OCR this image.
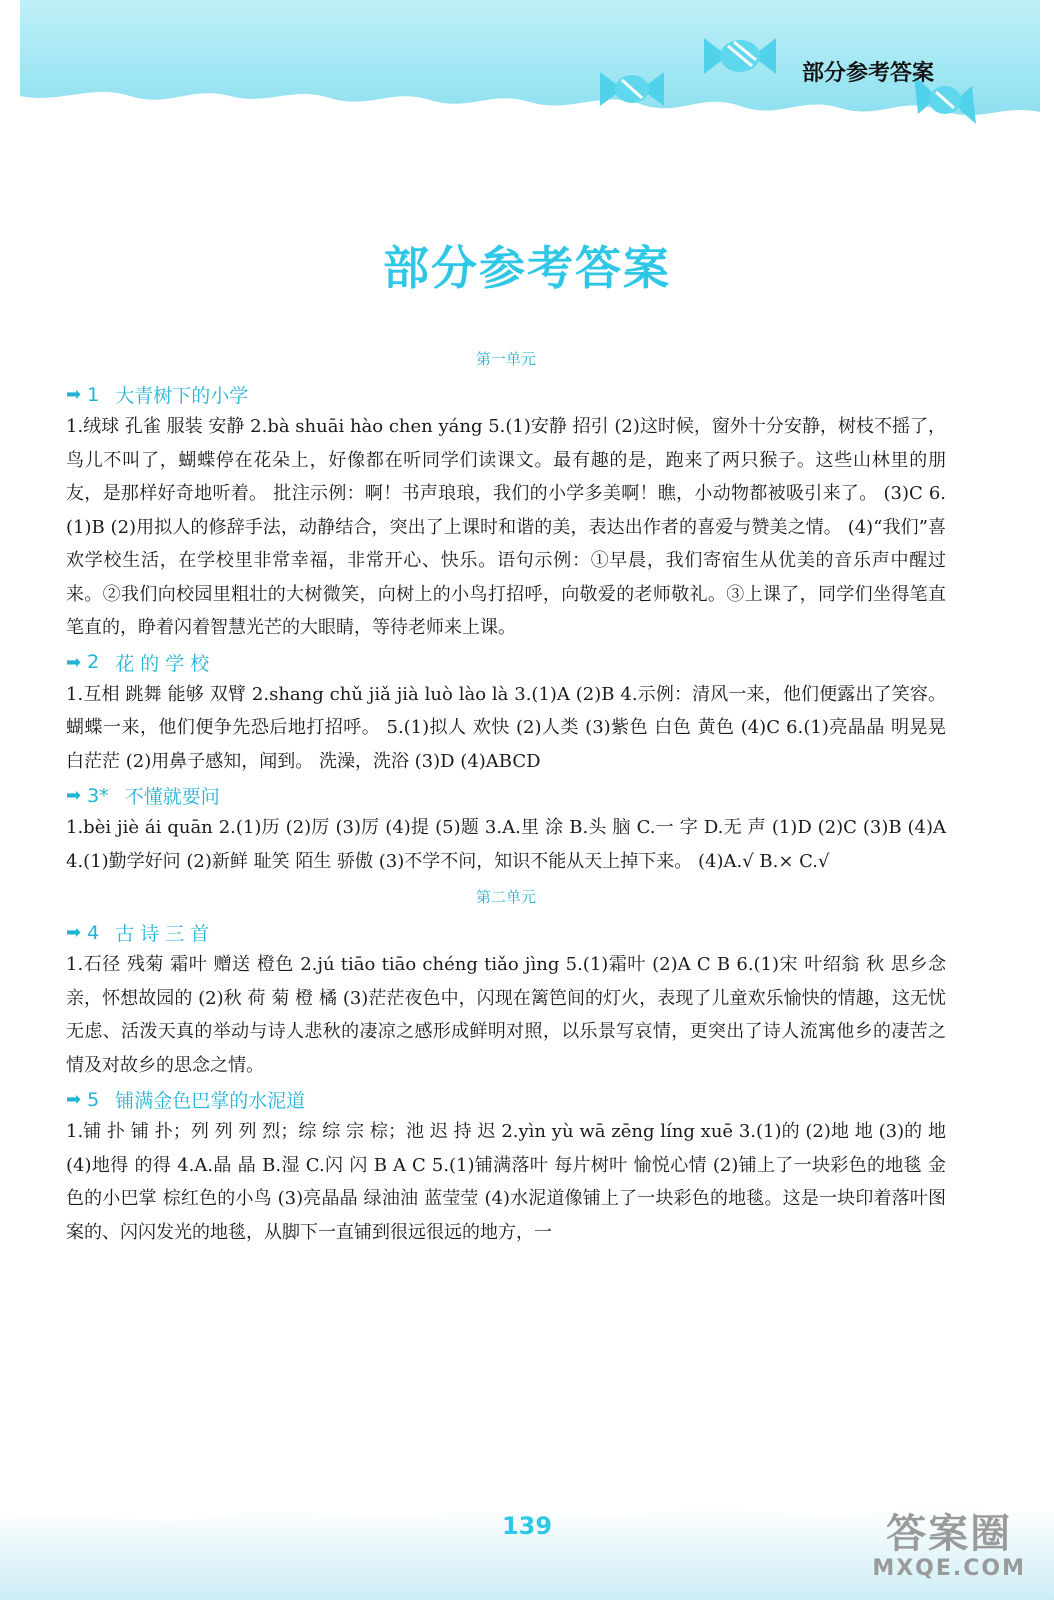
部分参考答案
部分参考答案
第一单元
➡ 1 大青树下的小学

1.绒球 孔雀 服装 安静 2.bà shuāi hào chen yáng 5.(1)安静 招引 (2)这时候，窗外十分安静，树枝不摇了，鸟儿不叫了，蝴蝶停在花朵上，好像都在听同学们读课文。最有趣的是，跑来了两只猴子。这些山林里的朋友，是那样好奇地听着。 批注示例：啊！书声琅琅，我们的小学多美啊！瞧，小动物都被吸引来了。 (3)C 6.(1)B (2)用拟人的修辞手法，动静结合，突出了上课时和谐的美，表达出作者的喜爱与赞美之情。 (4)“我们”喜欢学校生活，在学校里非常幸福，非常开心、快乐。语句示例：①早晨，我们寄宿生从优美的音乐声中醒过来。②我们向校园里粗壮的大树微笑，向树上的小鸟打招呼，向敬爱的老师敬礼。③上课了，同学们坐得笔直笔直的，睁着闪着智慧光芒的大眼睛，等待老师来上课。

➡ 2 花 的 学 校

1.互相 跳舞 能够 双臂 2.shang chǔ jiǎ jià luò lào là 3.(1)A (2)B 4.示例：清风一来，他们便露出了笑容。 蝴蝶一来，他们便争先恐后地打招呼。 5.(1)拟人 欢快 (2)人类 (3)紫色 白色 黄色 (4)C 6.(1)亮晶晶 明晃晃 白茫茫 (2)用鼻子感知，闻到。 洗澡，洗浴 (3)D (4)ABCD

➡ 3* 不懂就要问

1.bèi jiè ái quān 2.(1)历 (2)厉 (3)厉 (4)提 (5)题 3.A.里 涂 B.头 脑 C.一 字 D.无 声 (1)D (2)C (3)B (4)A 4.(1)勤学好问 (2)新鲜 耻笑 陌生 骄傲 (3)不学不问，知识不能从天上掉下来。 (4)A.√ B.× C.√

第二单元
➡ 4 古 诗 三 首

1.石径 残菊 霜叶 赠送 橙色 2.jú tiāo tiāo chéng tiǎo jìng 5.(1)霜叶 (2)A C B 6.(1)宋 叶绍翁 秋 思乡念亲，怀想故园的 (2)秋 荷 菊 橙 橘 (3)茫茫夜色中，闪现在篱笆间的灯火，表现了儿童欢乐愉快的情趣，这无忧无虑、活泼天真的举动与诗人悲秋的凄凉之感形成鲜明对照，以乐景写哀情，更突出了诗人流寓他乡的凄苦之情及对故乡的思念之情。

➡ 5 铺满金色巴掌的水泥道

1.铺 扑 铺 扑；列 列 列 烈；综 综 宗 棕；池 迟 持 迟 2.yìn yù wā zēng líng xuē 3.(1)的 (2)地 地 (3)的 地 (4)地得 的得 4.A.晶 晶 B.湿 C.闪 闪 B A C 5.(1)铺满落叶 每片树叶 愉悦心情 (2)铺上了一块彩色的地毯 金色的小巴掌 棕红色的小鸟 (3)亮晶晶 绿油油 蓝莹莹 (4)水泥道像铺上了一块彩色的地毯。这是一块印着落叶图案的、闪闪发光的地毯，从脚下一直铺到很远很远的地方，一

139	答案圈
MXQE.COM
